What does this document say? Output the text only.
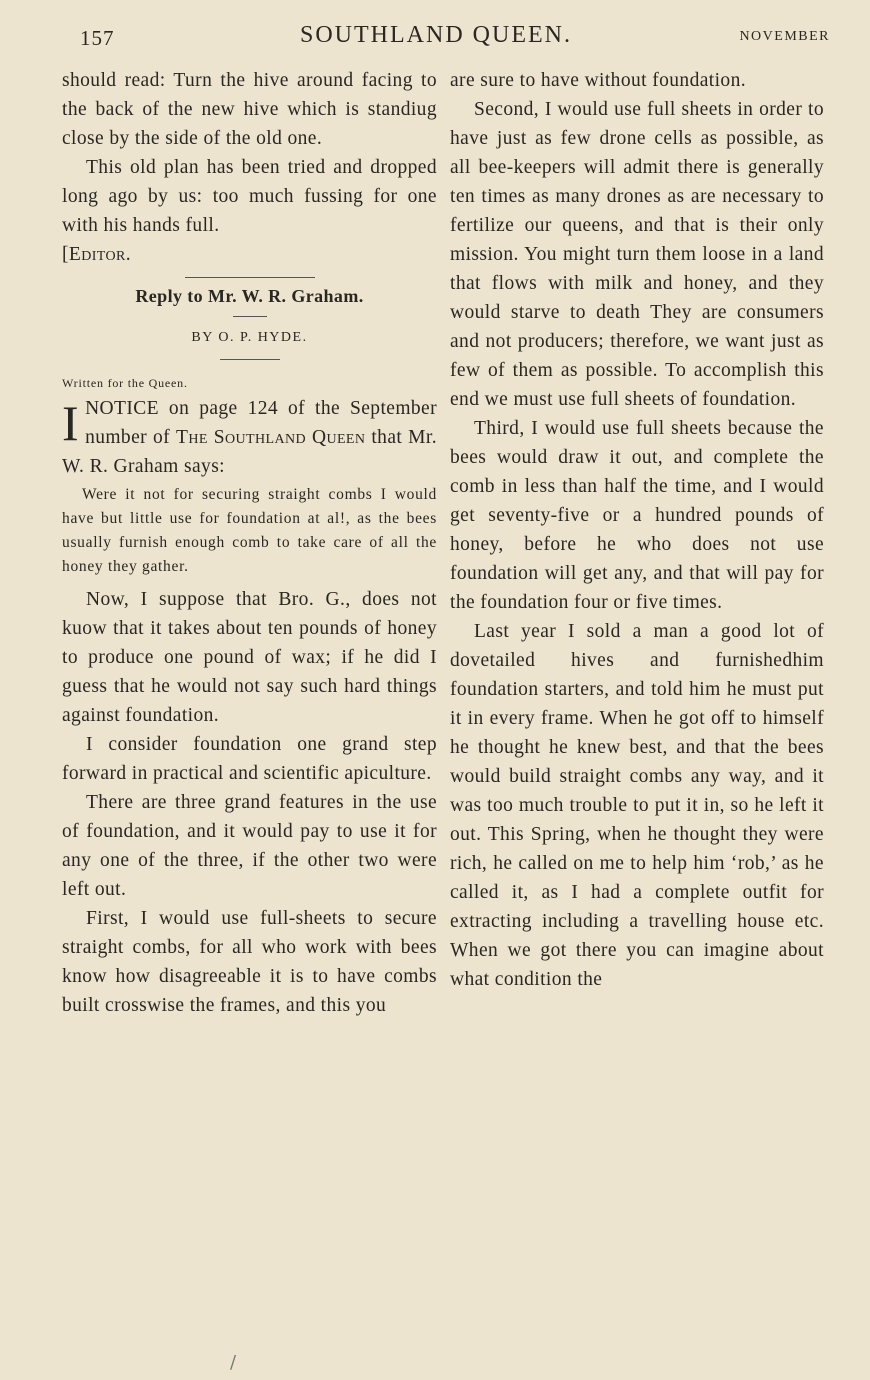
157	SOUTHLAND QUEEN.	NOVEMBER

should read: Turn the hive around facing to the back of the new hive which is standiug close by the side of the old one.

This old plan has been tried and dropped long ago by us: too much fussing for one with his hands full.
[Editor.

Reply to Mr. W. R. Graham.
BY O. P. HYDE.
Written for the Queen.

INOTICE on page 124 of the September number of The Southland Queen that Mr. W. R. Graham says:

Were it not for securing straight combs I would have but little use for foundation at al!, as the bees usually furnish enough comb to take care of all the honey they gather.

Now, I suppose that Bro. G., does not kuow that it takes about ten pounds of honey to produce one pound of wax; if he did I guess that he would not say such hard things against foundation.

I consider foundation one grand step forward in practical and scientific apiculture.

There are three grand features in the use of foundation, and it would pay to use it for any one of the three, if the other two were left out.

First, I would use full-sheets to secure straight combs, for all who work with bees know how disagreeable it is to have combs built crosswise the frames, and this you

are sure to have without foundation.

Second, I would use full sheets in order to have just as few drone cells as possible, as all bee-keepers will admit there is generally ten times as many drones as are necessary to fertilize our queens, and that is their only mission. You might turn them loose in a land that flows with milk and honey, and they would starve to death They are consumers and not producers; therefore, we want just as few of them as possible. To accomplish this end we must use full sheets of foundation.

Third, I would use full sheets because the bees would draw it out, and complete the comb in less than half the time, and I would get seventy-five or a hundred pounds of honey, before he who does not use foundation will get any, and that will pay for the foundation four or five times.

Last year I sold a man a good lot of dovetailed hives and furnishedhim foundation starters, and told him he must put it in every frame. When he got off to himself he thought he knew best, and that the bees would build straight combs any way, and it was too much trouble to put it in, so he left it out. This Spring, when he thought they were rich, he called on me to help him ‘rob,’ as he called it, as I had a complete outfit for extracting including a travelling house etc. When we got there you can imagine about what condition the

/
